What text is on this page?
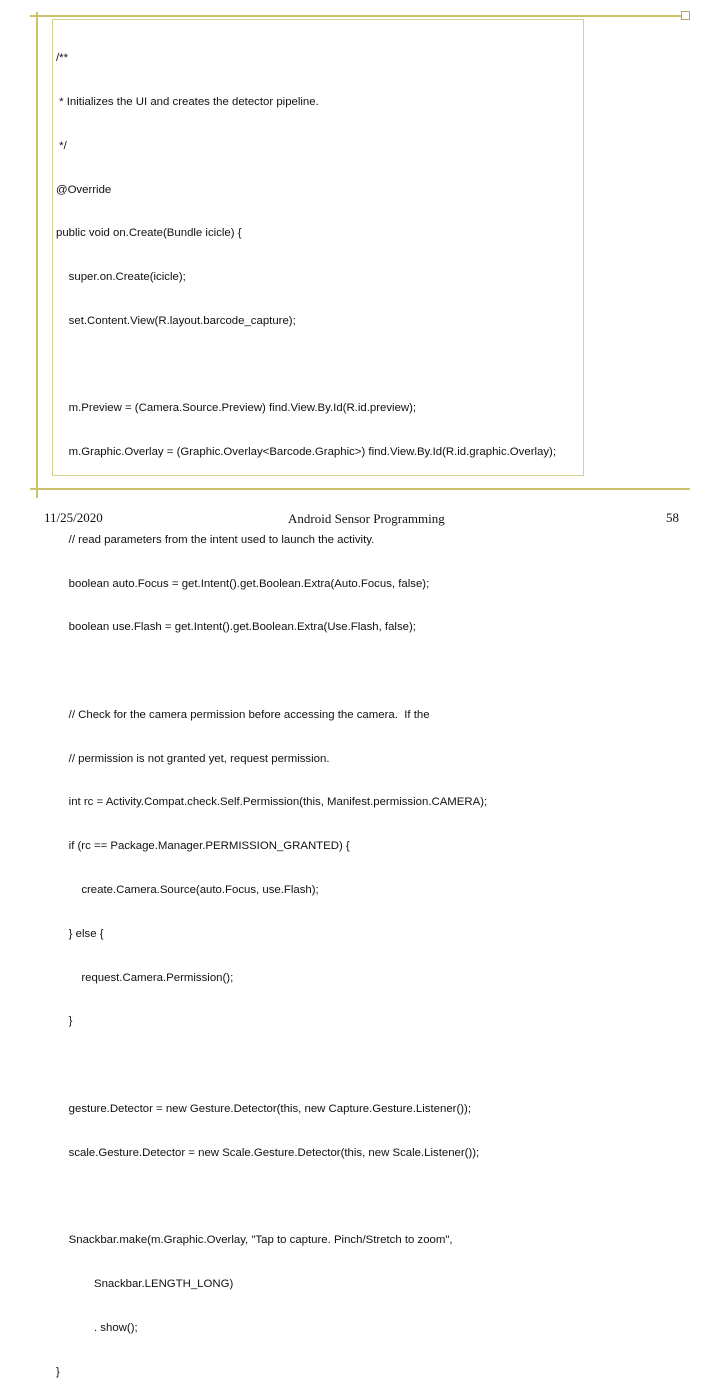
/**

* Initializes the UI and creates the detector pipeline.

*/

@Override

public void on.Create(Bundle icicle) {

super.on.Create(icicle);

set.Content.View(R.layout.barcode_capture);

m.Preview = (Camera.Source.Preview) find.View.By.Id(R.id.preview);

m.Graphic.Overlay = (Graphic.Overlay<Barcode.Graphic>) find.View.By.Id(R.id.graphic.Overlay);

// read parameters from the intent used to launch the activity.

boolean auto.Focus = get.Intent().get.Boolean.Extra(Auto.Focus, false);

boolean use.Flash = get.Intent().get.Boolean.Extra(Use.Flash, false);

// Check for the camera permission before accessing the camera.  If the

// permission is not granted yet, request permission.

int rc = Activity.Compat.check.Self.Permission(this, Manifest.permission.CAMERA);

if (rc == Package.Manager.PERMISSION_GRANTED) {

create.Camera.Source(auto.Focus, use.Flash);

} else {

request.Camera.Permission();

}

gesture.Detector = new Gesture.Detector(this, new Capture.Gesture.Listener());

scale.Gesture.Detector = new Scale.Gesture.Detector(this, new Scale.Listener());

Snackbar.make(m.Graphic.Overlay, "Tap to capture. Pinch/Stretch to zoom",

Snackbar.LENGTH_LONG)

. show();

}

11/25/2020	Android Sensor Programming	58
